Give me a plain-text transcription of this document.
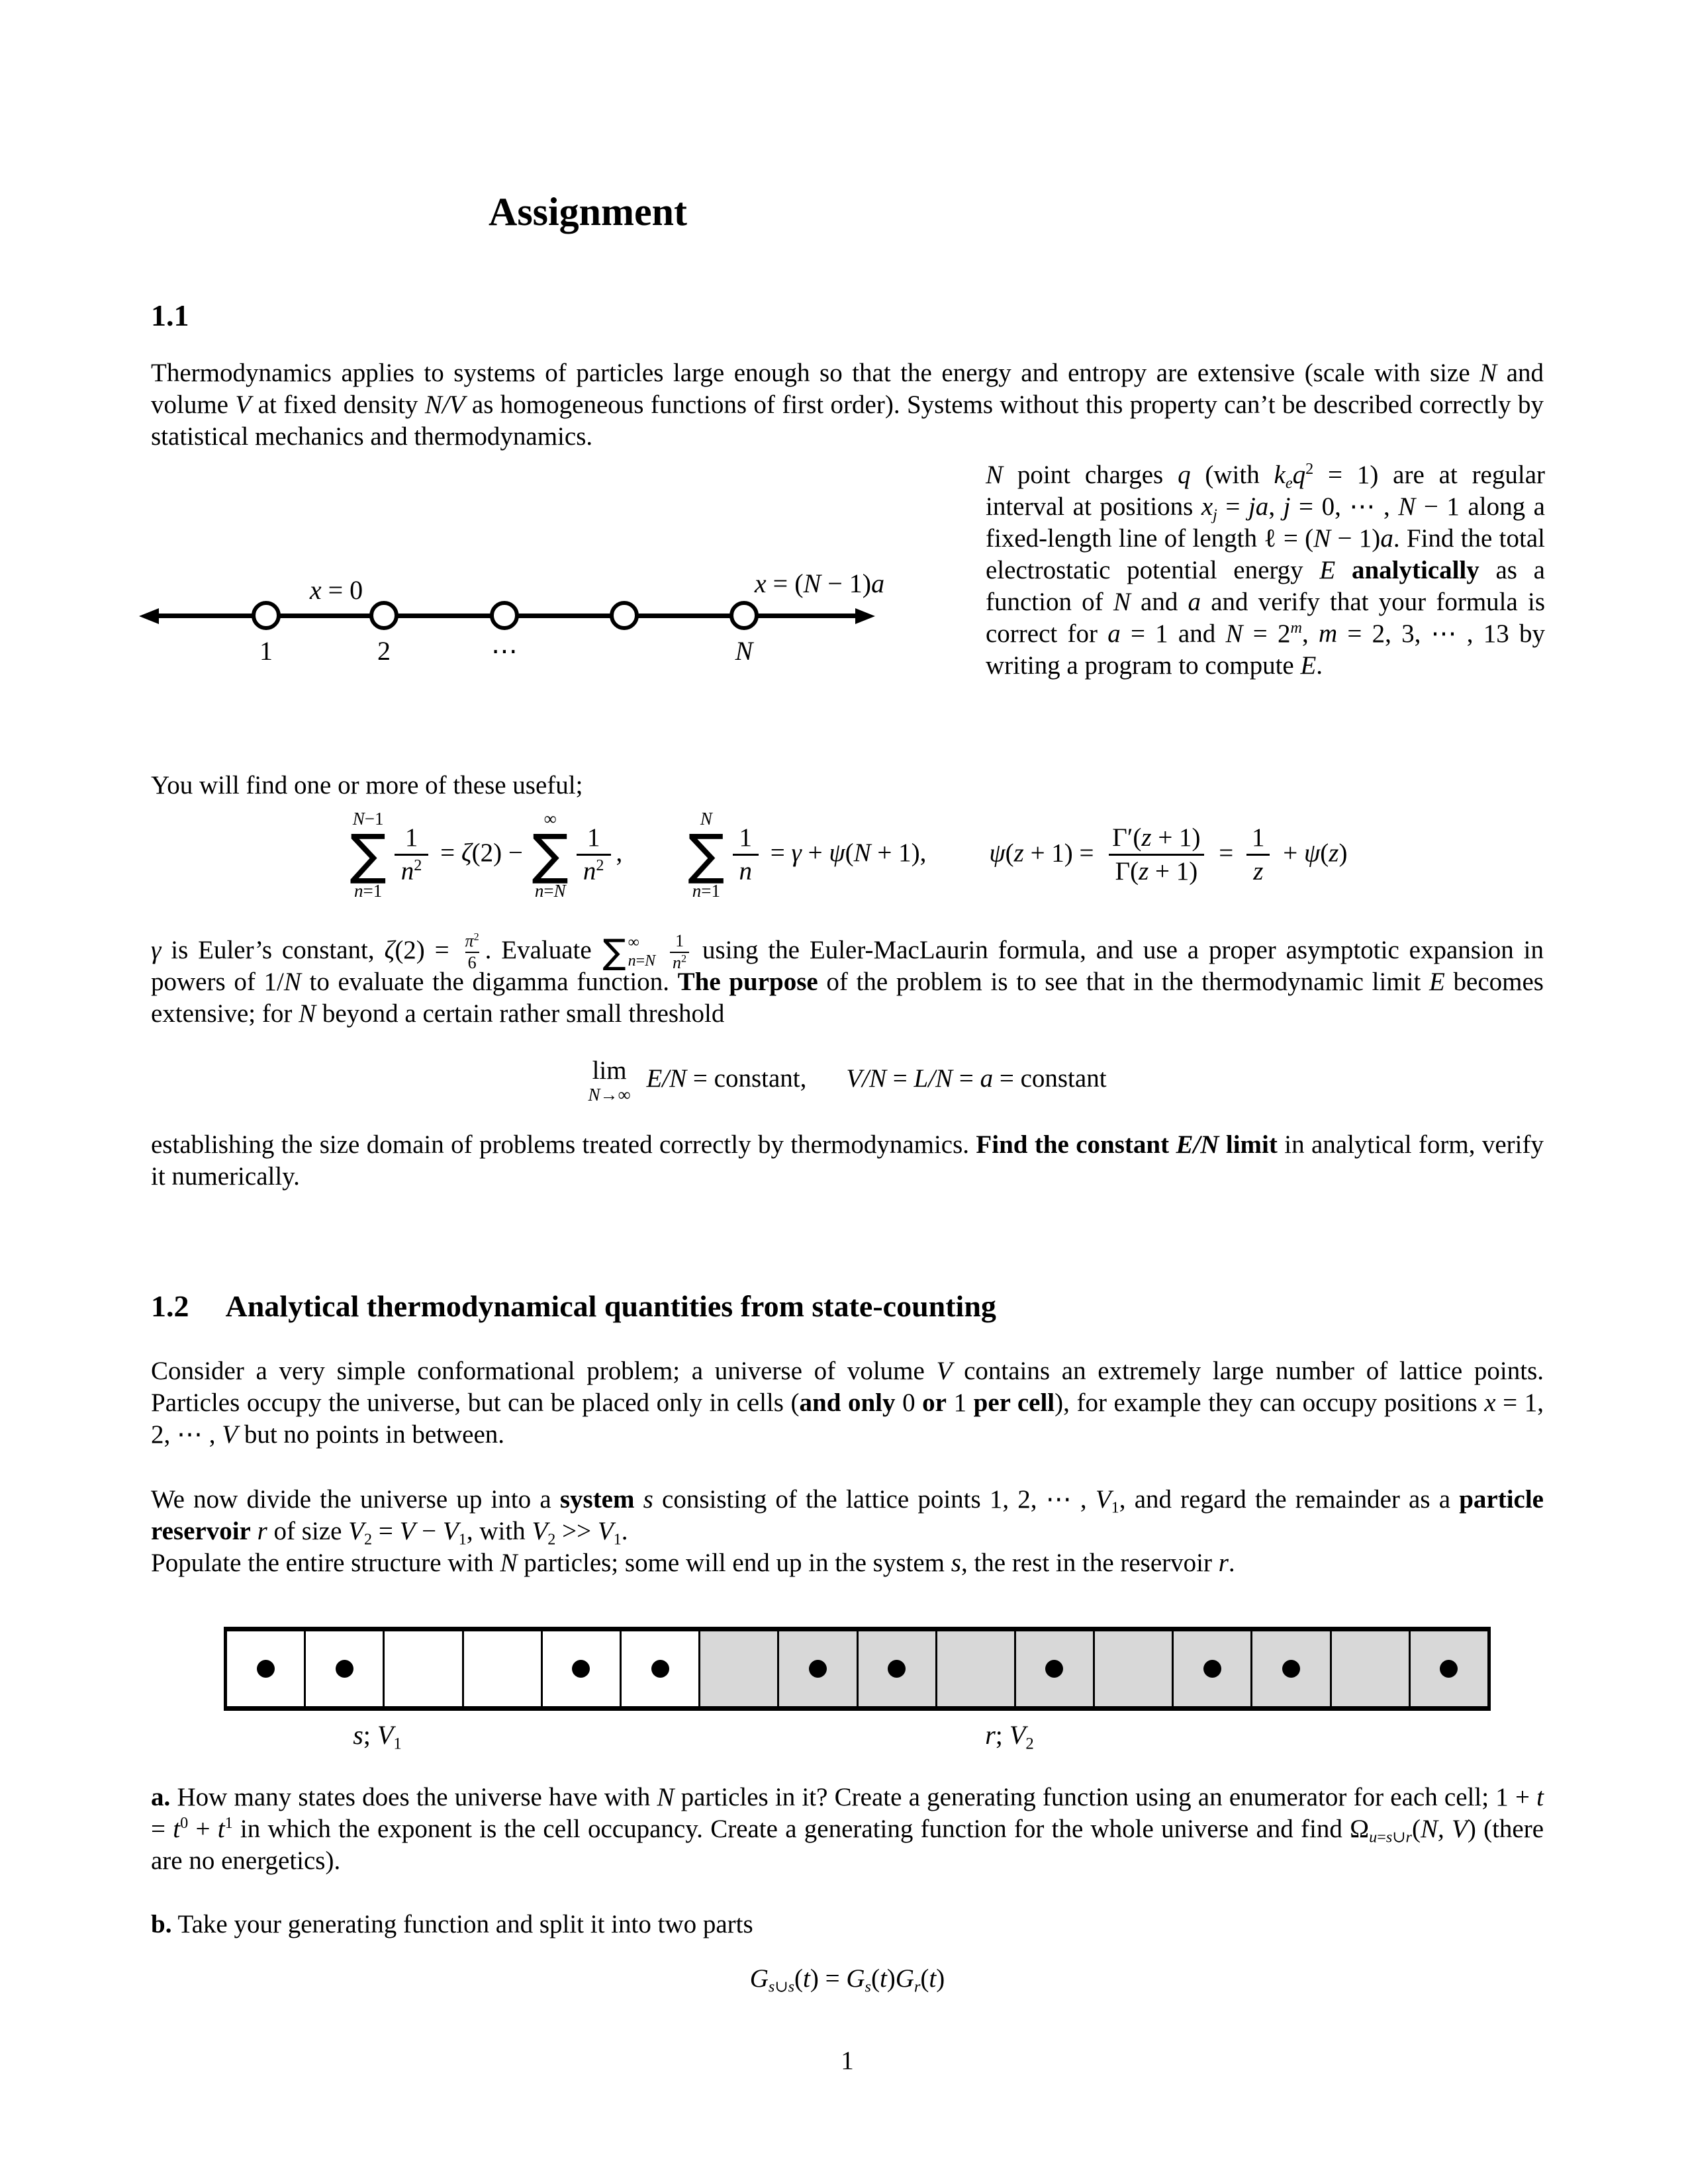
Assignment
1.1
Thermodynamics applies to systems of particles large enough so that the energy and entropy are extensive (scale with size N and volume V at fixed density N/V as homogeneous functions of first order). Systems without this property can’t be described correctly by statistical mechanics and thermodynamics.
x = 0	x = (N − 1)a
1	2	⋯	N
N point charges q (with $k_eq^2 = 1$) are at regular interval at positions $x_j$ = ja, j = 0, ⋯ , N − 1 along a fixed-length line of length ℓ = (N − 1)a. Find the total electrostatic potential energy E analytically as a function of N and a and verify that your formula is correct for a = 1 and $N = 2^m$, m = 2, 3, ⋯ , 13 by writing a program to compute E.
You will find one or more of these useful;
N−1
∑
n=1
$\frac{1}{n^2} = \zeta(2)$ −
∞
∑
n=N
$\frac{1}{n^2}$ ,
N
∑
n=1
$\frac{1}{n} = \gamma + \psi(N + 1)$, $\psi(z + 1) = \frac{\Gamma'(z + 1)}{\Gamma(z + 1)} = \frac{1}{z} + \psi(z)$
γ is Euler’s constant, $\zeta(2) = \frac{\pi^2}{6}$ . Evaluate ∑ ∞
n=N
$\frac{1}{n^2}$ using the Euler-MacLaurin formula, and use a proper asymptotic expansion in powers of 1/N to evaluate the digamma function. The purpose of the problem is to see that in the thermodynamic limit E becomes extensive; for N beyond a certain rather small threshold
lim
N→∞
E/N = constant, V/N = L/N = a = constant
establishing the size domain of problems treated correctly by thermodynamics. Find the constant E/N limit in analytical form, verify it numerically.
1.2 Analytical thermodynamical quantities from state-counting
Consider a very simple conformational problem; a universe of volume V contains an extremely large number of lattice points. Particles occupy the universe, but can be placed only in cells (and only 0 or 1 per cell), for example they can occupy positions x = 1, 2, ⋯ , V but no points in between.
We now divide the universe up into a system s consisting of the lattice points 1, 2, ⋯ , $V_1$, and regard the remainder as a particle reservoir r of size $V_2 = V - V_1$, with $V_2 >> V_1$.
Populate the entire structure with N particles; some will end up in the system s, the rest in the reservoir r.
s; $V_1$	r; $V_2$
a. How many states does the universe have with N particles in it? Create a generating function using an enumerator for each cell; $1 + t = t^0 + t^1$ in which the exponent is the cell occupancy. Create a generating function for the whole universe and find $\Omega_{u=s\cup r}(N$, V) (there are no energetics).
b. Take your generating function and split it into two parts
$G_{s\cup s}(t) = G_s(t)G_r(t)$
1
